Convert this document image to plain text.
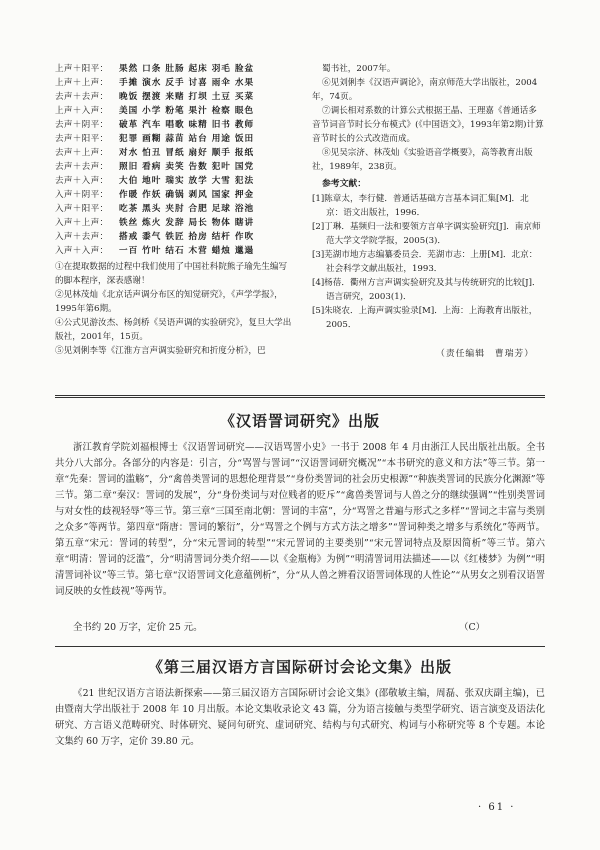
上声＋阳平： 果然 口条 肚肠 起床 羽毛 脸盆
上声＋上声： 手摊 演水 反手 讨喜 雨伞 水果
去声＋去声： 晚饭 摆渡 来赌 打坝 土豆 买菜
上声＋入声： 美国 小学 粉笔 果汁 检察 眼色
去声＋阴平： 破革 汽车 唱歌 味精 旧书 教师
去声＋阳平： 犯罪 画糊 蒜苗 站台 用途 饭田
去声＋上声： 对水 怕丑 冒纸 扇好 顺手 报纸
去声＋去声： 照旧 看病 卖笑 告数 犯叶 国党
去声＋入声： 大伯 地叶 瑞实 放学 大雪 犯法
入声＋阴平： 作暖 作妖 确锅 剥风 国家 押金
入声＋阳平： 吃茶 黑头 夹肘 合肥 足球 浴池
入声＋上声： 铁丝 炼火 发辞 局长 物体 瞎讲
入声＋去声： 搭戒 黍气 铁匠 拾房 结杆 作吹
入声＋入声： 一百 竹叶 结石 木营 蜡烛 邋遢
①在提取数据的过程中我们使用了中国社科院熊子瑜先生编写的脚本程序，深表感谢！
②见林茂灿《北京话声调分布区的知觉研究》，《声学学报》，1995年第6期。
④公式见游汝杰、杨剑桥《吴语声调的实验研究》，复旦大学出版社，2001年，15页。
⑤见刘俐李等《江淮方言声调实验研究和折度分析》，巴
蜀书社，2007年。
⑥见刘俐李《汉语声调论》，南京师范大学出版社，2004年，74页。
⑦调长相对系数的计算公式根据王晶、王理嘉《普通话多音节词音节时长分布模式》(《中国语文》，1993年第2期)计算音节时长的公式改造而成。
⑧见吴宗济、林茂灿《实验语音学概要》，高等教育出版社，1989年，238页。
参考文献：
[1]陈章太，李行健．普通话基础方言基本词汇集[M]．北京：语文出版社，1996．
[2]丁琳．基频归一法和要领方言单字调实验研究[J]．南京师范大学文学院学报，2005(3)．
[3]芜湖市地方志编纂委员会．芜湖市志：上册[M]．北京：社会科学文献出版社，1993．
[4]杨蓓．衢州方言声调实验研究及其与传统研究的比较[J]．语言研究，2003(1)．
[5]朱晓农．上海声调实验录[M]．上海：上海教育出版社，2005．
（责任编辑　曹瑞芳）
《汉语詈词研究》出版
浙江教育学院刘福根博士《汉语詈词研究——汉语骂詈小史》一书于 2008 年 4 月由浙江人民出版社出版。全书共分八大部分。各部分的内容是：引言，分“骂詈与詈词”“汉语詈词研究概况”“本书研究的意义和方法”等三节。第一章“先秦：詈词的滥觞”，分“禽兽类詈词的思想伦理背景”“身份类詈词的社会历史根源”“种族类詈词的民族分化渊源”等三节。第二章“秦汉：詈词的发展”，分“身份类词与对位贱者的贬斥”“禽兽类詈词与人兽之分的继续强调”“性别类詈词与对女性的歧视轻辱”等三节。第三章“三国至南北朝：詈词的丰富”，分“骂詈之普遍与形式之多样”“詈词之丰富与类别之众多”等两节。第四章“隋唐：詈词的繁衍”，分“骂詈之个例与方式方法之增多”“詈词种类之增多与系统化”等两节。第五章“宋元：詈词的转型”，分“宋元詈词的转型”“宋元詈词的主要类别”“宋元詈词特点及原因简析”等三节。第六章“明清：詈词的泛滥”，分“明清詈词分类介绍——以《金瓶梅》为例”“明清詈词用法描述——以《红楼梦》为例”“明清詈词补议”等三节。第七章“汉语詈词文化意蕴例析”，分“从人兽之辨看汉语詈词体现的人性论”“从男女之别看汉语詈词反映的女性歧视”等两节。
全书约 20 万字，定价 25 元。	（C）
《第三届汉语方言国际研讨会论文集》出版
《21 世纪汉语方言语法新探索——第三届汉语方言国际研讨会论文集》(邵敬敏主编，周磊、张双庆副主编)，已由暨南大学出版社于 2008 年 10 月出版。本论文集收录论文 43 篇，分为语言接触与类型学研究、语言演变及语法化研究、方言语义范畴研究、时体研究、疑问句研究、虚词研究、结构与句式研究、构词与小称研究等 8 个专题。本论文集约 60 万字，定价 39.80 元。
· 61 ·
